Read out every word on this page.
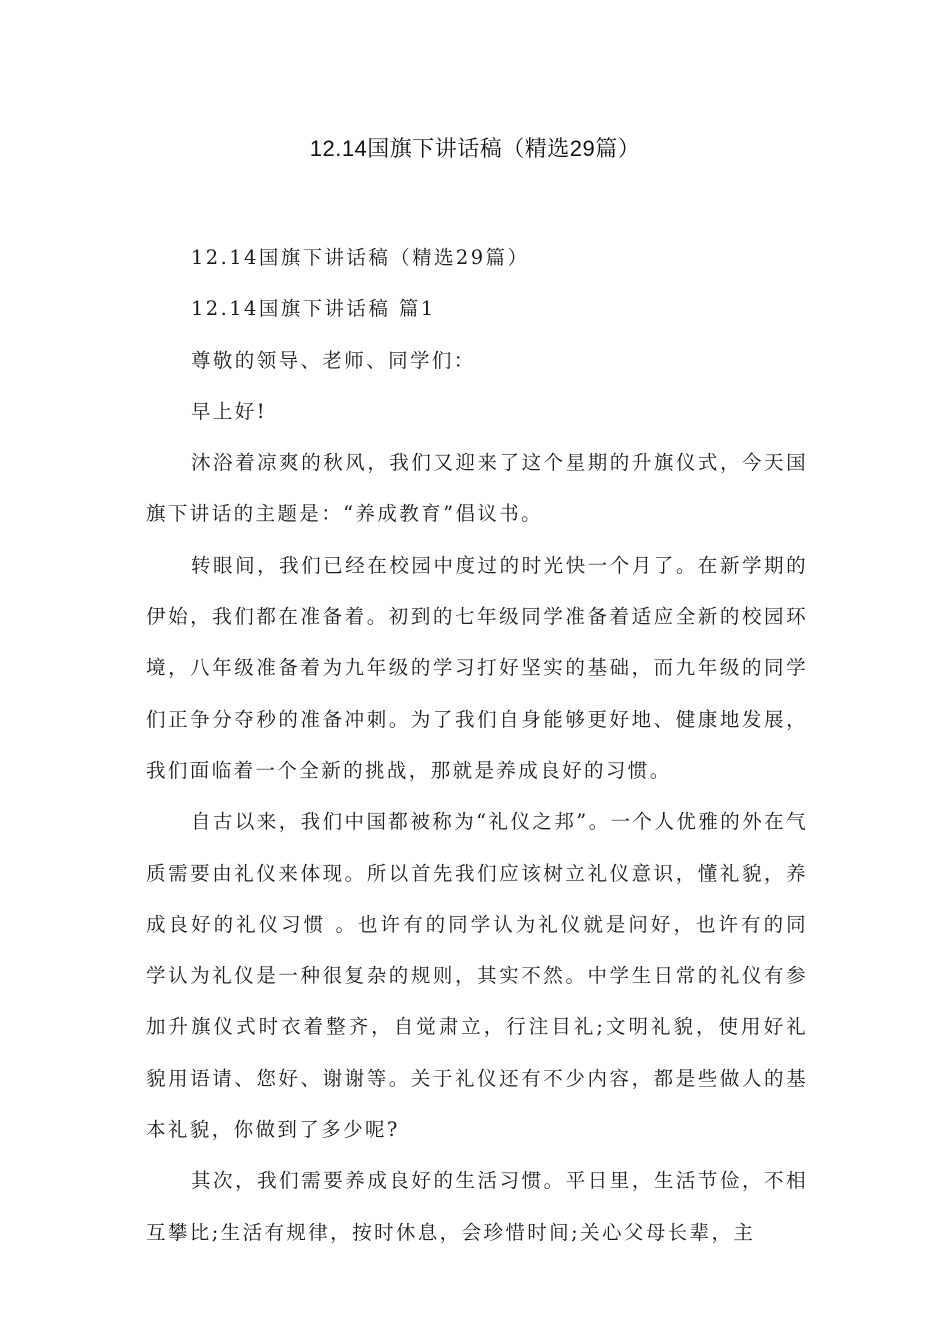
12.14国旗下讲话稿（精选29篇）

12.14国旗下讲话稿（精选29篇）

12.14国旗下讲话稿 篇1

尊敬的领导、老师、同学们：

早上好!

沐浴着凉爽的秋风，我们又迎来了这个星期的升旗仪式，今天国旗下讲话的主题是：“养成教育”倡议书。

转眼间，我们已经在校园中度过的时光快一个月了。在新学期的伊始，我们都在准备着。初到的七年级同学准备着适应全新的校园环境，八年级准备着为九年级的学习打好坚实的基础，而九年级的同学们正争分夺秒的准备冲刺。为了我们自身能够更好地、健康地发展，我们面临着一个全新的挑战，那就是养成良好的习惯。

自古以来，我们中国都被称为“礼仪之邦”。一个人优雅的外在气质需要由礼仪来体现。所以首先我们应该树立礼仪意识，懂礼貌，养成良好的礼仪习惯 。也许有的同学认为礼仪就是问好，也许有的同学认为礼仪是一种很复杂的规则，其实不然。中学生日常的礼仪有参加升旗仪式时衣着整齐，自觉肃立，行注目礼;文明礼貌，使用好礼貌用语请、您好、谢谢等。关于礼仪还有不少内容，都是些做人的基本礼貌，你做到了多少呢?

其次，我们需要养成良好的生活习惯。平日里，生活节俭，不相互攀比;生活有规律，按时休息，会珍惜时间;关心父母长辈，主
